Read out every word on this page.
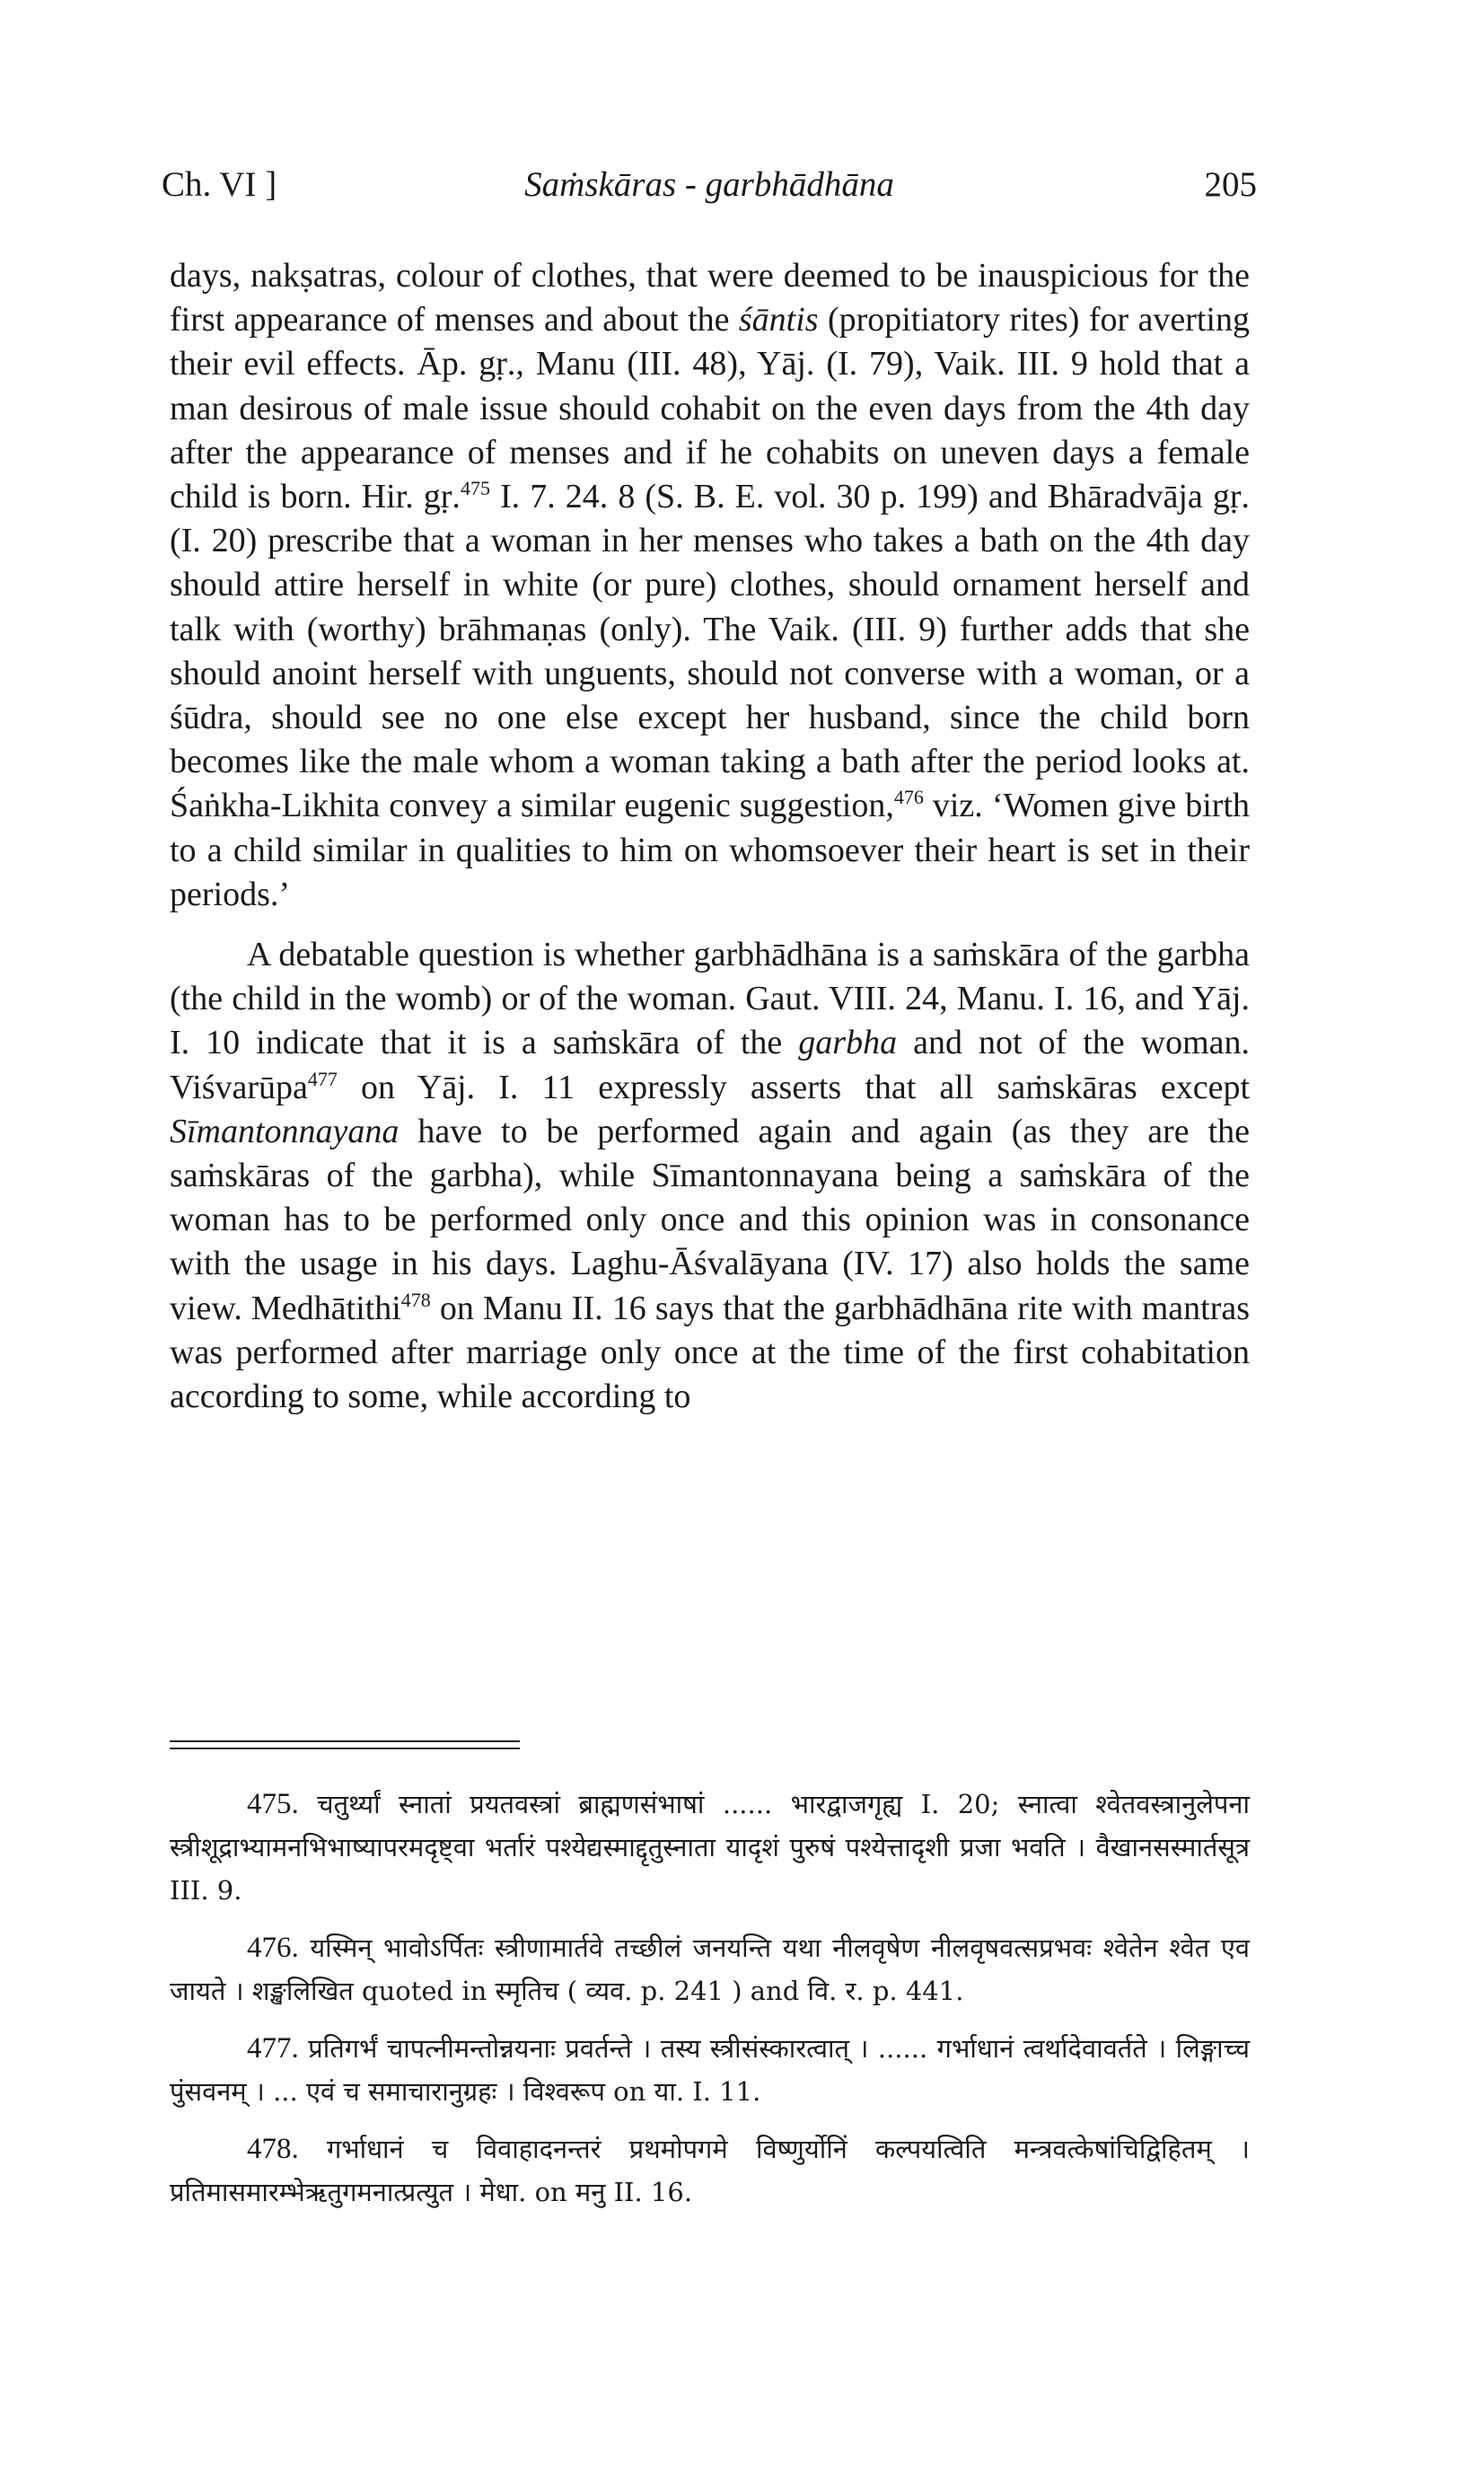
Ch. VI ]	Saṁskāras - garbhādhāna	205

days, nakṣatras, colour of clothes, that were deemed to be inauspicious for the first appearance of menses and about the śāntis (propitiatory rites) for averting their evil effects. Āp. gṛ., Manu (III. 48), Yāj. (I. 79), Vaik. III. 9 hold that a man desirous of male issue should cohabit on the even days from the 4th day after the appearance of menses and if he cohabits on uneven days a female child is born. Hir. gṛ.$^{475}$ I. 7. 24. 8 (S. B. E. vol. 30 p. 199) and Bhāradvāja gṛ. (I. 20) prescribe that a woman in her menses who takes a bath on the 4th day should attire herself in white (or pure) clothes, should ornament herself and talk with (worthy) brāhmaṇas (only). The Vaik. (III. 9) further adds that she should anoint herself with unguents, should not converse with a woman, or a śūdra, should see no one else except her husband, since the child born becomes like the male whom a woman taking a bath after the period looks at. Śaṅkha-Likhita convey a similar eugenic suggestion,$^{476}$ viz. ‘Women give birth to a child similar in qualities to him on whomsoever their heart is set in their periods.’

A debatable question is whether garbhādhāna is a saṁskāra of the garbha (the child in the womb) or of the woman. Gaut. VIII. 24, Manu. I. 16, and Yāj. I. 10 indicate that it is a saṁskāra of the garbha and not of the woman. Viśvarūpa$^{477}$ on Yāj. I. 11 expressly asserts that all saṁskāras except Sīmantonnayana have to be performed again and again (as they are the saṁskāras of the garbha), while Sīmantonnayana being a saṁskāra of the woman has to be performed only once and this opinion was in consonance with the usage in his days. Laghu-Āśvalāyana (IV. 17) also holds the same view. Medhātithi$^{478}$ on Manu II. 16 says that the garbhādhāna rite with mantras was performed after marriage only once at the time of the first cohabitation according to some, while according to

475. चतुर्थ्यां स्नातां प्रयतवस्त्रां ब्राह्मणसंभाषां ...... भारद्वाजगृह्य I. 20; स्नात्वा श्वेतवस्त्रानुलेपना स्त्रीशूद्राभ्यामनभिभाष्यापरमदृष्ट्वा भर्तारं पश्येद्यस्माद्दृतुस्नाता यादृशं पुरुषं पश्येत्तादृशी प्रजा भवति । वैखानसस्मार्तसूत्र III. 9.

476. यस्मिन् भावोऽर्पितः स्त्रीणामार्तवे तच्छीलं जनयन्ति यथा नीलवृषेण नीलवृषवत्सप्रभवः श्वेतेन श्वेत एव जायते । शङ्खलिखित quoted in स्मृतिच ( व्यव. p. 241 ) and वि. र. p. 441.

477. प्रतिगर्भं चापत्नीमन्तोन्नयनाः प्रवर्तन्ते । तस्य स्त्रीसंस्कारत्वात् । ...... गर्भाधानं त्वर्थादेवावर्तते । लिङ्गाच्च पुंसवनम् । ... एवं च समाचारानुग्रहः । विश्वरूप on या. I. 11.

478. गर्भाधानं च विवाहादनन्तरं प्रथमोपगमे विष्णुर्योनिं कल्पयत्विति मन्त्रवत्केषांचिद्विहितम् । प्रतिमासमारम्भेऋतुगमनात्प्रत्युत । मेधा. on मनु II. 16.
